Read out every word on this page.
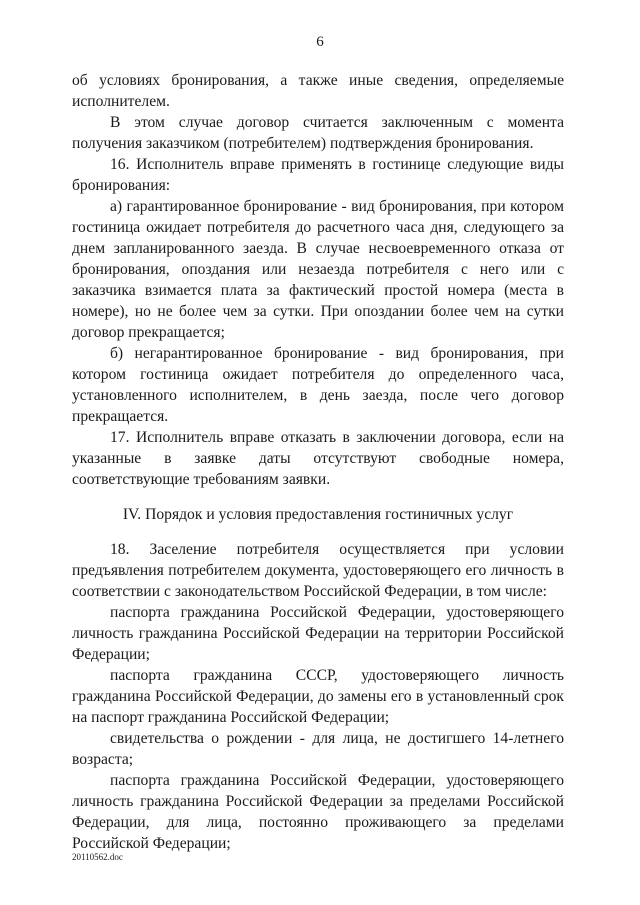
6

об условиях бронирования, а также иные сведения, определяемые исполнителем.

В этом случае договор считается заключенным с момента получения заказчиком (потребителем) подтверждения бронирования.

16. Исполнитель вправе применять в гостинице следующие виды бронирования:

а) гарантированное бронирование - вид бронирования, при котором гостиница ожидает потребителя до расчетного часа дня, следующего за днем запланированного заезда. В случае несвоевременного отказа от бронирования, опоздания или незаезда потребителя с него или с заказчика взимается плата за фактический простой номера (места в номере), но не более чем за сутки. При опоздании более чем на сутки договор прекращается;

б) негарантированное бронирование - вид бронирования, при котором гостиница ожидает потребителя до определенного часа, установленного исполнителем, в день заезда, после чего договор прекращается.

17. Исполнитель вправе отказать в заключении договора, если на указанные в заявке даты отсутствуют свободные номера, соответствующие требованиям заявки.

IV. Порядок и условия предоставления гостиничных услуг

18. Заселение потребителя осуществляется при условии предъявления потребителем документа, удостоверяющего его личность в соответствии с законодательством Российской Федерации, в том числе:

паспорта гражданина Российской Федерации, удостоверяющего личность гражданина Российской Федерации на территории Российской Федерации;

паспорта гражданина СССР, удостоверяющего личность гражданина Российской Федерации, до замены его в установленный срок на паспорт гражданина Российской Федерации;

свидетельства о рождении - для лица, не достигшего 14-летнего возраста;

паспорта гражданина Российской Федерации, удостоверяющего личность гражданина Российской Федерации за пределами Российской Федерации, для лица, постоянно проживающего за пределами Российской Федерации;

20110562.doc
